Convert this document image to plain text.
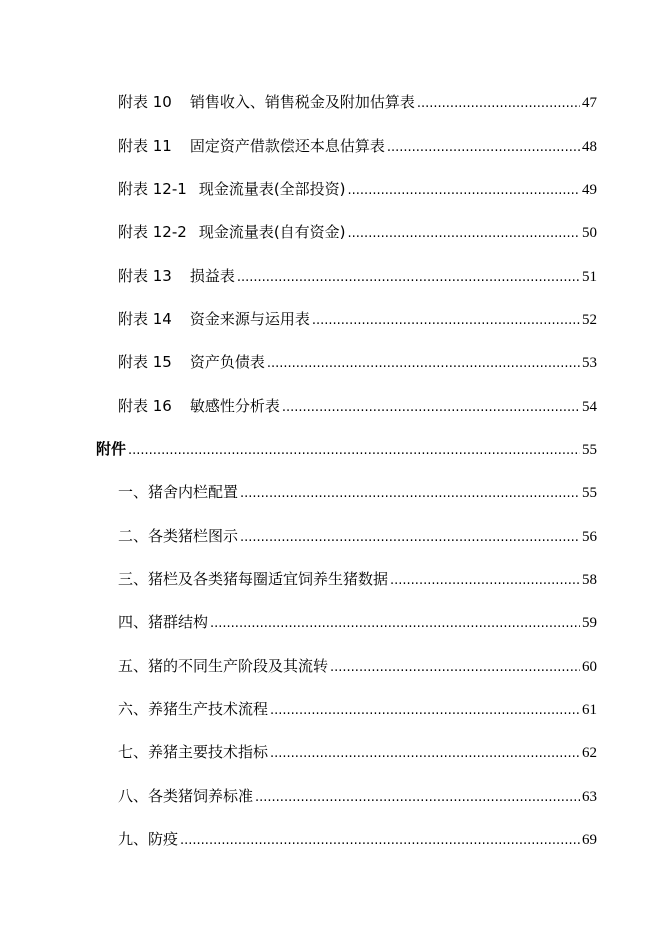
附表 10 销售收入、销售税金及附加估算表 .....	47
附表 11 固定资产借款偿还本息估算表 .....	48
附表 12-1 现金流量表(全部投资) .....	49
附表 12-2 现金流量表(自有资金) .....	50
附表 13 损益表 .....	51
附表 14 资金来源与运用表 .....	52
附表 15 资产负债表 .....	53
附表 16 敏感性分析表 .....	54
附件 .....	55
一、猪舍内栏配置 .....	55
二、各类猪栏图示 .....	56
三、猪栏及各类猪每圈适宜饲养生猪数据 .....	58
四、猪群结构 .....	59
五、猪的不同生产阶段及其流转 .....	60
六、养猪生产技术流程 .....	61
七、养猪主要技术指标 .....	62
八、各类猪饲养标准 .....	63
九、防疫 .....	69
